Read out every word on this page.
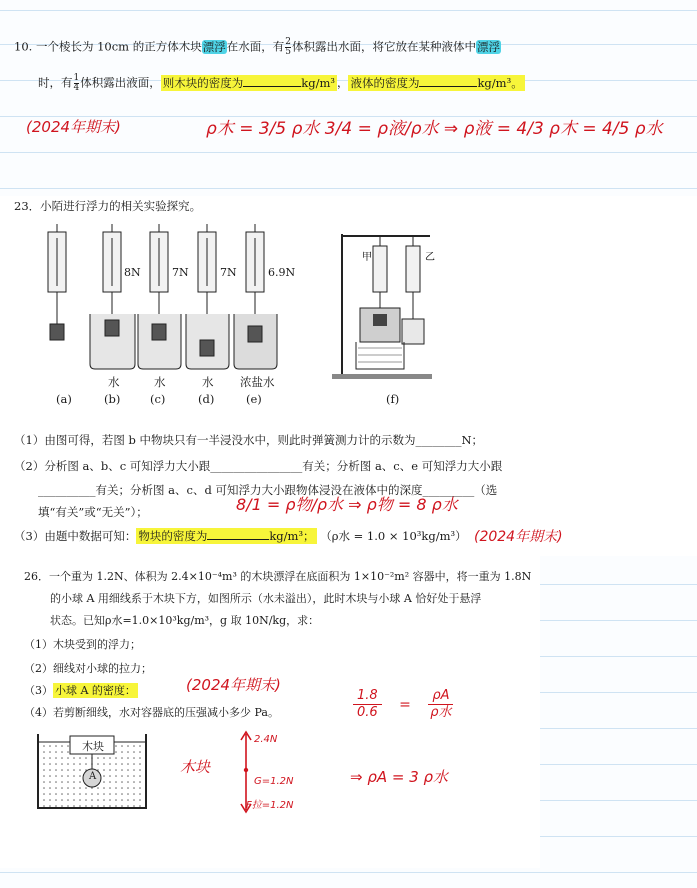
10. 一个棱长为 10cm 的正方体木块漂浮在水面，有 $\frac{2}{5}$ 体积露出水面，将它放在某种液体中漂浮
时，有 $\frac{1}{4}$ 体积露出液面， 则木块的密度为	kg/m³ ， 液体的密度为	kg/m³。
(2024年期末)	ρ木 = 3/5 ρ水 3/4 = ρ液/ρ水 ⇒ ρ液 = 4/3 ρ木 = 4/5 ρ水
23．小陌进行浮力的相关实验探究。
甲	乙
8N	7N	7N	6.9N
水	水	水 浓盐水
(a)	(b)	(c)	(d)	(e)	(f)
（1）由图可得，若图 b 中物块只有一半浸没水中，则此时弹簧测力计的示数为________N；
（2）分析图 a、b、c 可知浮力大小跟________________有关；分析图 a、c、e 可知浮力大小跟
__________有关；分析图 a、c、d 可知浮力大小跟物体浸没在液体中的深度_________（选
填“有关”或“无关”）；
（3）由题中数据可知： 物块的密度为	kg/m³； （ρ水 = 1.0 × 10³kg/m³）
8/1 = ρ物/ρ水 ⇒ ρ物 = 8 ρ水
(2024年期末)
26．一个重为 1.2N、体积为 2.4×10⁻⁴m³ 的木块漂浮在底面积为 1×10⁻²m² 容器中，将一重为 1.8N
的小球 A 用细线系于木块下方，如图所示（水未溢出），此时木块与小球 A 恰好处于悬浮
状态。已知ρ水=1.0×10³kg/m³，g 取 10N/kg，求：
（1）木块受到的浮力；
（2）细线对小球的拉力；
（3） 小球 A 的密度：
（4）若剪断细线，水对容器底的压强减小多少 Pa。
木块
A
(2024年期末)
木块
2.4N
G=1.2N
F拉=1.2N
$\frac{1.8}{0.6} = \frac{\rho A}{\text{ρ水}}$
⇒ ρA = 3 ρ水
